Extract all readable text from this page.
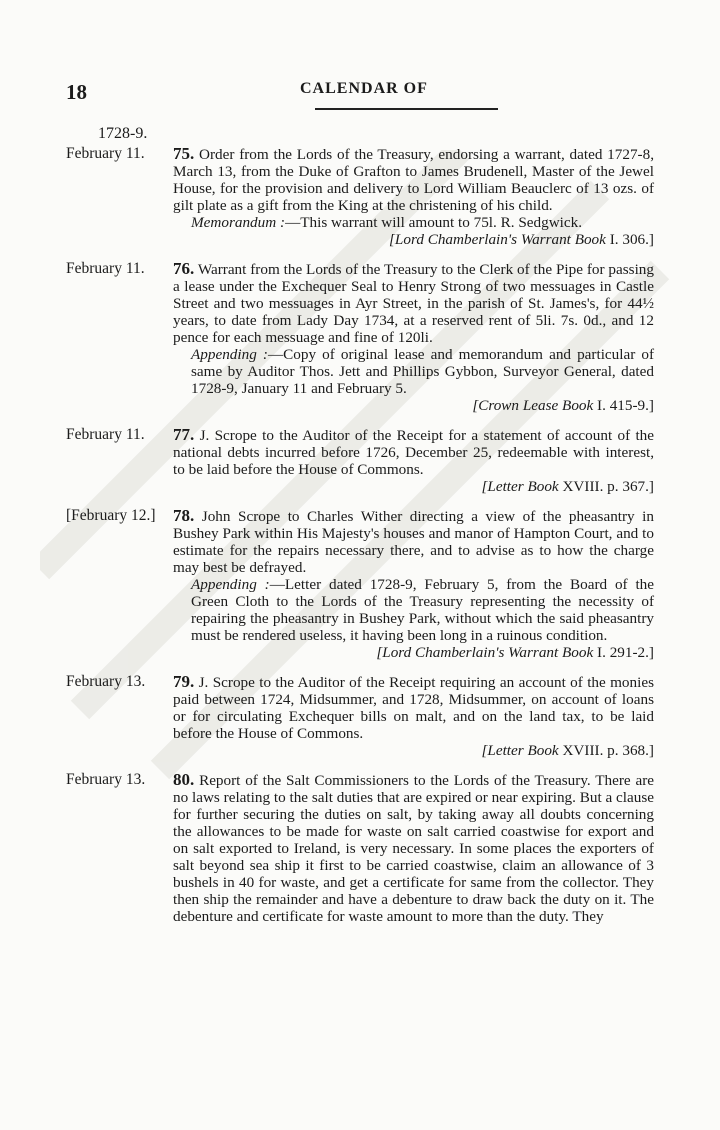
18	CALENDAR OF
1728-9.
February 11.	75. Order from the Lords of the Treasury, endorsing a warrant, dated 1727-8, March 13, from the Duke of Grafton to James Brudenell, Master of the Jewel House, for the provision and delivery to Lord William Beauclerc of 13 ozs. of gilt plate as a gift from the King at the christening of his child.

Memorandum :—This warrant will amount to 75l. R. Sedgwick.

[Lord Chamberlain's Warrant Book I. 306.]

February 11.	76. Warrant from the Lords of the Treasury to the Clerk of the Pipe for passing a lease under the Exchequer Seal to Henry Strong of two messuages in Castle Street and two messuages in Ayr Street, in the parish of St. James's, for 44½ years, to date from Lady Day 1734, at a reserved rent of 5li. 7s. 0d., and 12 pence for each messuage and fine of 120li.

Appending :—Copy of original lease and memorandum and particular of same by Auditor Thos. Jett and Phillips Gybbon, Surveyor General, dated 1728-9, January 11 and February 5.

[Crown Lease Book I. 415-9.]

February 11.	77. J. Scrope to the Auditor of the Receipt for a statement of account of the national debts incurred before 1726, December 25, redeemable with interest, to be laid before the House of Commons.

[Letter Book XVIII. p. 367.]

[February 12.]	78. John Scrope to Charles Wither directing a view of the pheasantry in Bushey Park within His Majesty's houses and manor of Hampton Court, and to estimate for the repairs necessary there, and to advise as to how the charge may best be defrayed.

Appending :—Letter dated 1728-9, February 5, from the Board of the Green Cloth to the Lords of the Treasury representing the necessity of repairing the pheasantry in Bushey Park, without which the said pheasantry must be rendered useless, it having been long in a ruinous condition.

[Lord Chamberlain's Warrant Book I. 291-2.]

February 13.	79. J. Scrope to the Auditor of the Receipt requiring an account of the monies paid between 1724, Midsummer, and 1728, Midsummer, on account of loans or for circulating Exchequer bills on malt, and on the land tax, to be laid before the House of Commons.

[Letter Book XVIII. p. 368.]

February 13.	80. Report of the Salt Commissioners to the Lords of the Treasury. There are no laws relating to the salt duties that are expired or near expiring. But a clause for further securing the duties on salt, by taking away all doubts concerning the allowances to be made for waste on salt carried coastwise for export and on salt exported to Ireland, is very necessary. In some places the exporters of salt beyond sea ship it first to be carried coastwise, claim an allowance of 3 bushels in 40 for waste, and get a certificate for same from the collector. They then ship the remainder and have a debenture to draw back the duty on it. The debenture and certificate for waste amount to more than the duty. They
